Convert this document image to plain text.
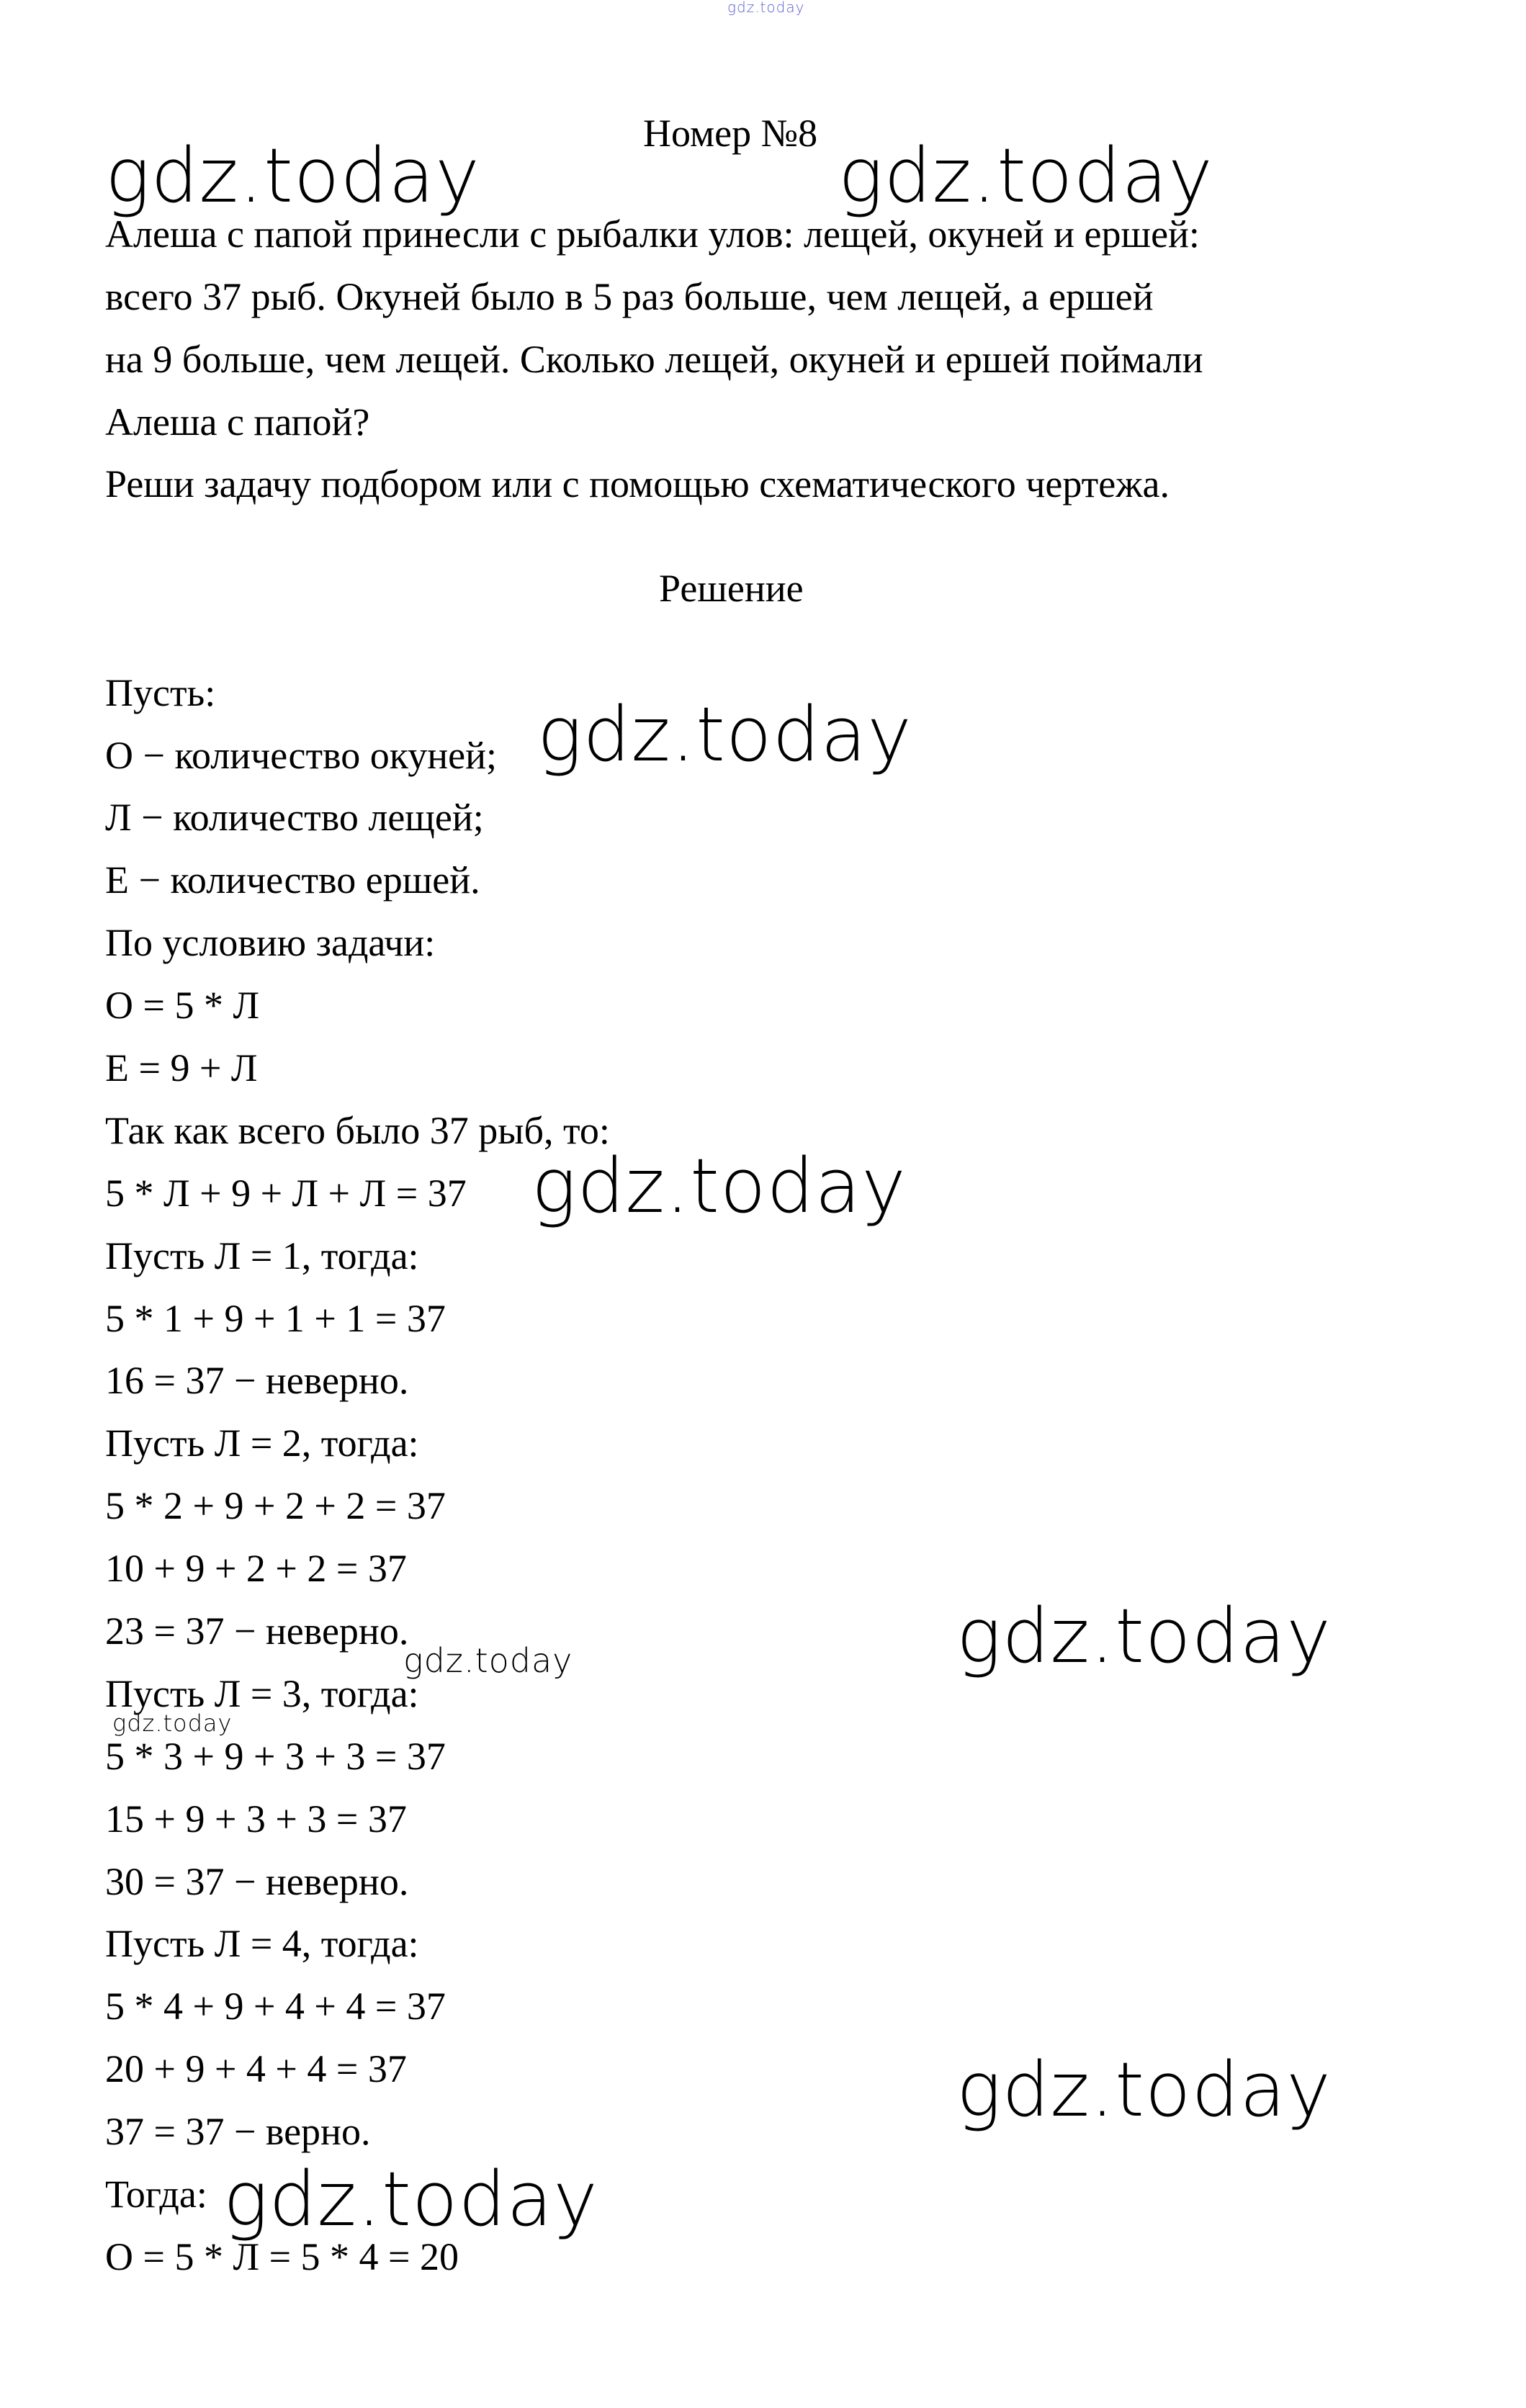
gdz.today
Номер №8
Алеша с папой принесли с рыбалки улов: лещей, окуней и ершей:
всего 37 рыб. Окуней было в 5 раз больше, чем лещей, а ершей
на 9 больше, чем лещей. Сколько лещей, окуней и ершей поймали
Алеша с папой?
Реши задачу подбором или с помощью схематического чертежа.
Решение
Пусть:
О − количество окуней;
Л − количество лещей;
Е − количество ершей.
По условию задачи:
О = 5 * Л
Е = 9 + Л
Так как всего было 37 рыб, то:
5 * Л + 9 + Л + Л = 37
Пусть Л = 1, тогда:
5 * 1 + 9 + 1 + 1 = 37
16 = 37 − неверно.
Пусть Л = 2, тогда:
5 * 2 + 9 + 2 + 2 = 37
10 + 9 + 2 + 2 = 37
23 = 37 − неверно.
Пусть Л = 3, тогда:
5 * 3 + 9 + 3 + 3 = 37
15 + 9 + 3 + 3 = 37
30 = 37 − неверно.
Пусть Л = 4, тогда:
5 * 4 + 9 + 4 + 4 = 37
20 + 9 + 4 + 4 = 37
37 = 37 − верно.
Тогда:
О = 5 * Л = 5 * 4 = 20
gdz.today	gdz.today
gdz.today
gdz.today
gdz.today
gdz.today
gdz.today
gdz.today
gdz.today
